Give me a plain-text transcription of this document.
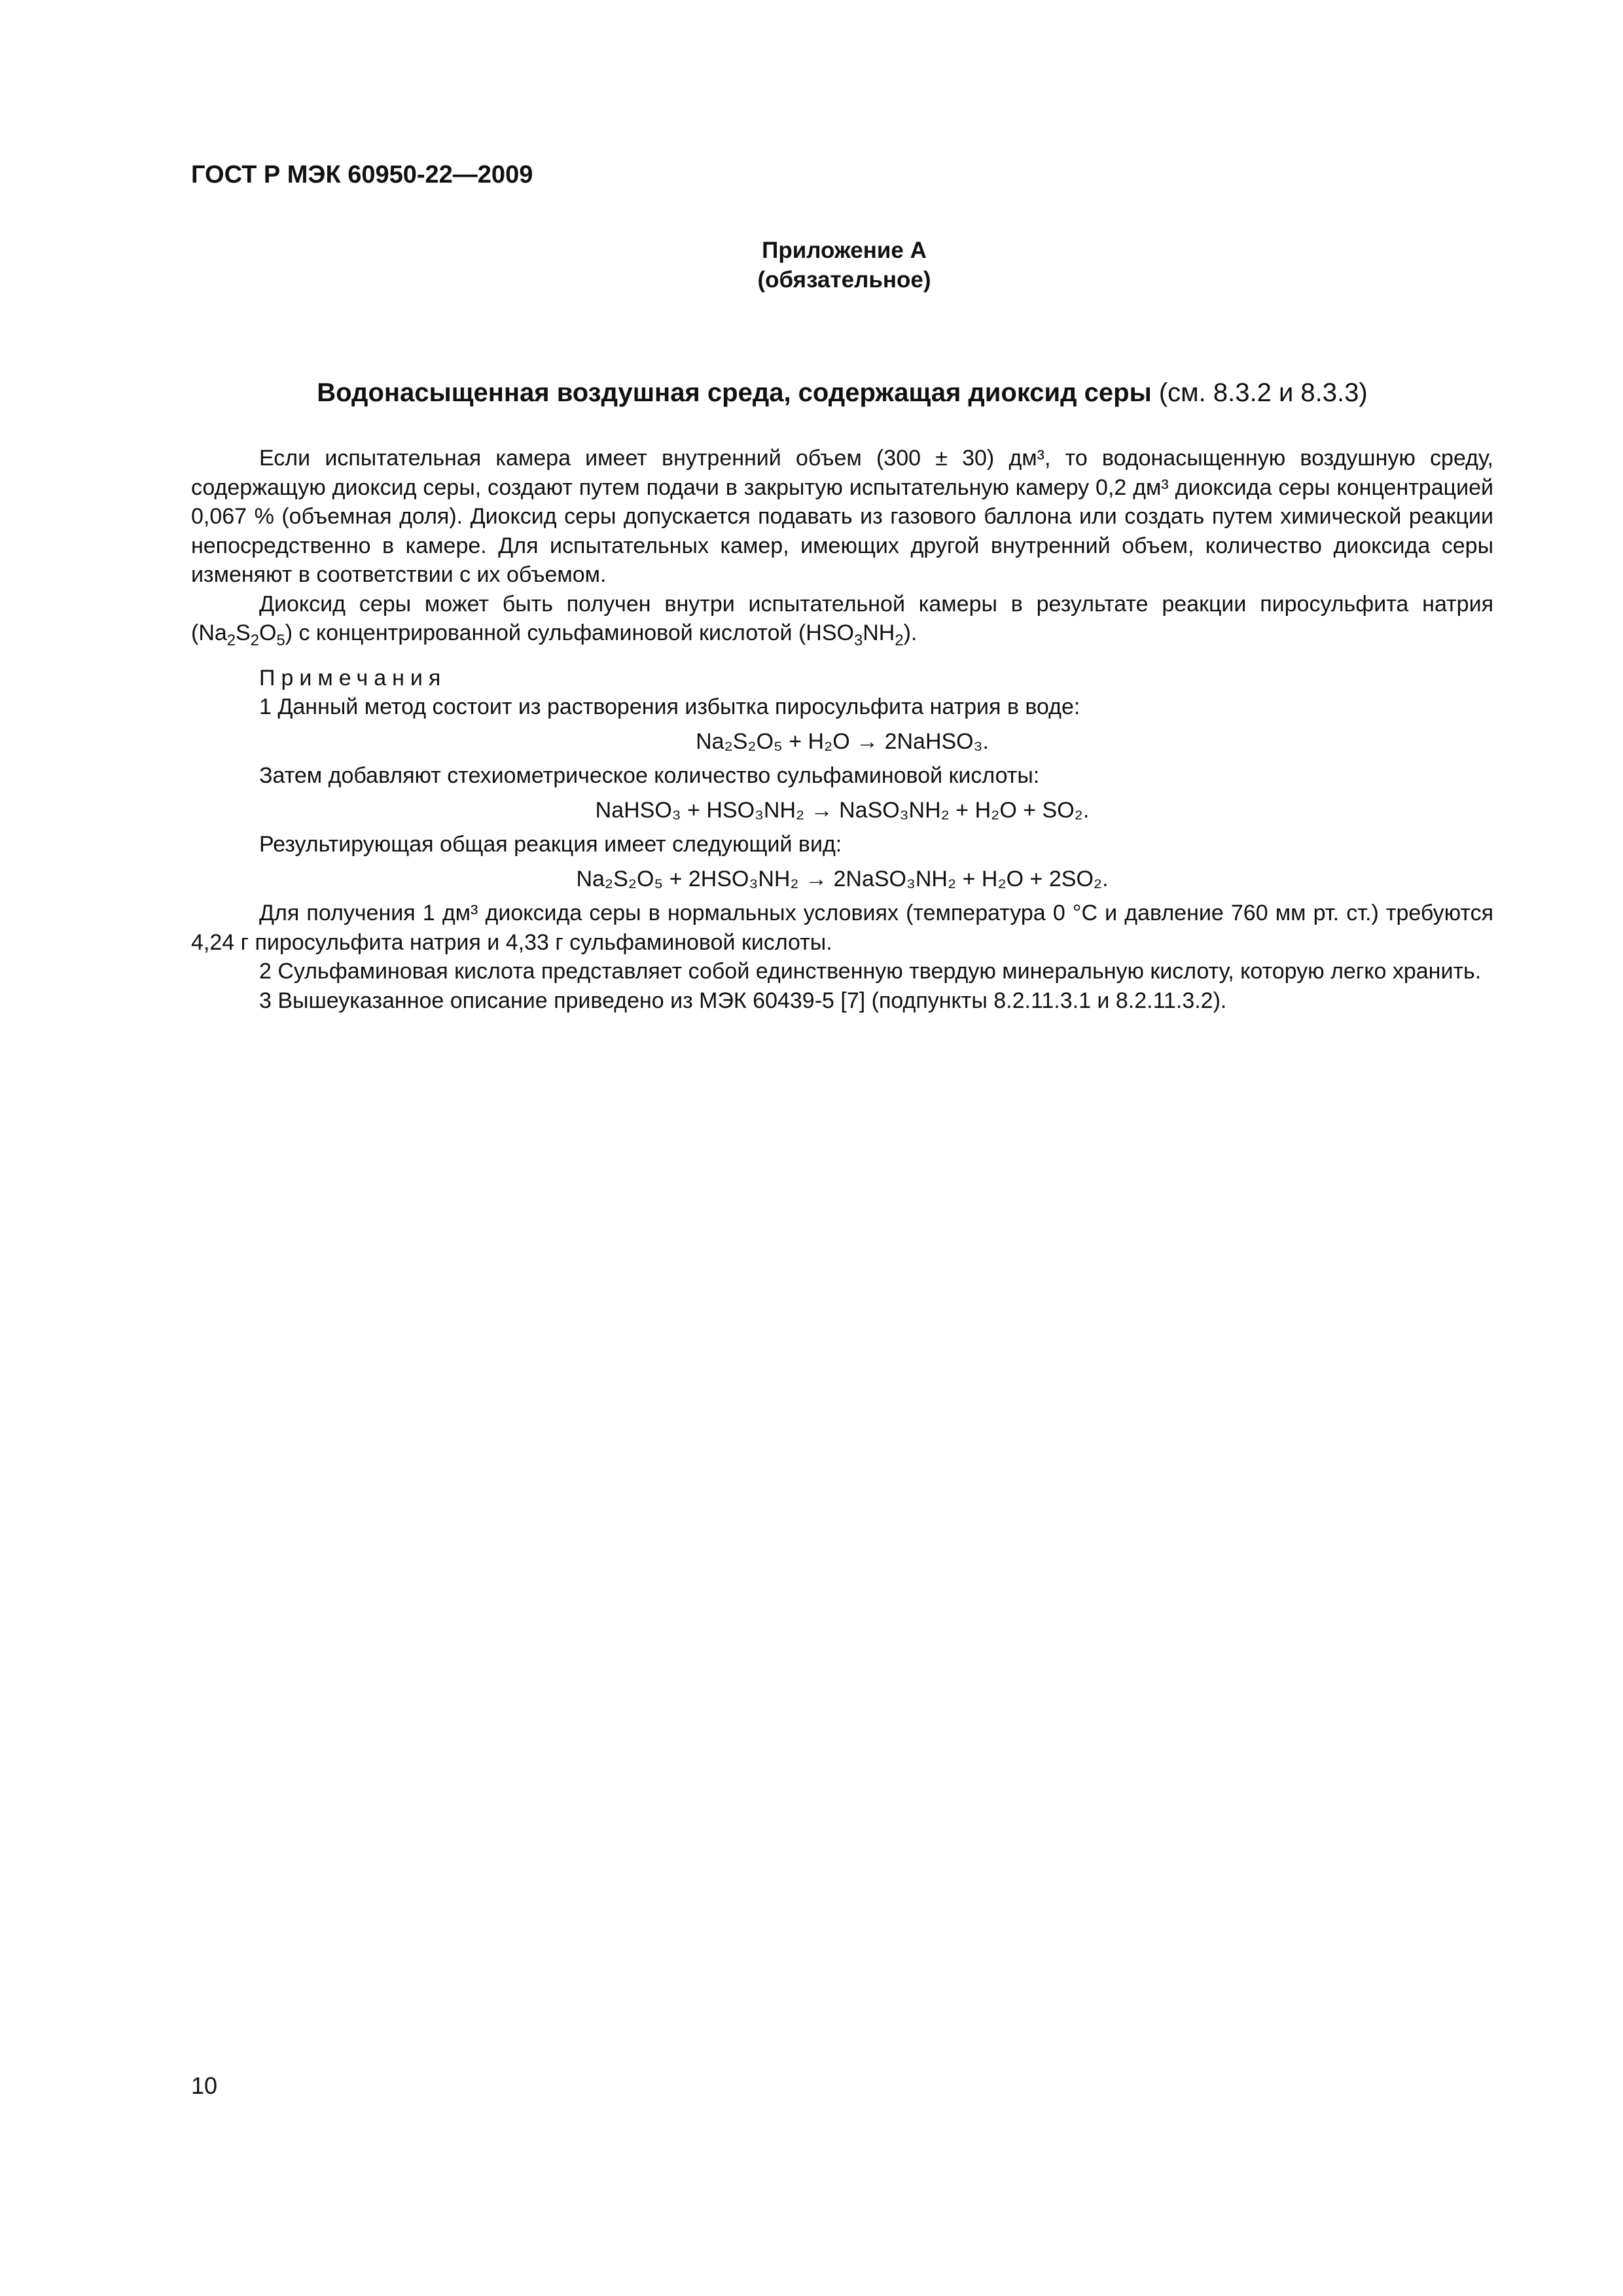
ГОСТ Р МЭК 60950-22—2009
Приложение А
(обязательное)
Водонасыщенная воздушная среда, содержащая диоксид серы (см. 8.3.2 и 8.3.3)

Если испытательная камера имеет внутренний объем (300 ± 30) дм³, то водонасыщенную воздушную среду, содержащую диоксид серы, создают путем подачи в закрытую испытательную камеру 0,2 дм³ диоксида серы концентрацией 0,067 % (объемная доля). Диоксид серы допускается подавать из газового баллона или создать путем химической реакции непосредственно в камере. Для испытательных камер, имеющих другой внутренний объем, количество диоксида серы изменяют в соответствии с их объемом.

Диоксид серы может быть получен внутри испытательной камеры в результате реакции пиросульфита натрия $(Na_2S_2O_5)$ с концентрированной сульфаминовой кислотой $(HSO_3NH_2)$.

Примечания

1 Данный метод состоит из растворения избытка пиросульфита натрия в воде:

Na₂S₂O₅ + H₂O → 2NaHSO₃.

Затем добавляют стехиометрическое количество сульфаминовой кислоты:

NaHSO₃ + HSO₃NH₂ → NaSO₃NH₂ + H₂O + SO₂.

Результирующая общая реакция имеет следующий вид:

Na₂S₂O₅ + 2HSO₃NH₂ → 2NaSO₃NH₂ + H₂O + 2SO₂.

Для получения 1 дм³ диоксида серы в нормальных условиях (температура 0 °С и давление 760 мм рт. ст.) требуются 4,24 г пиросульфита натрия и 4,33 г сульфаминовой кислоты.

2 Сульфаминовая кислота представляет собой единственную твердую минеральную кислоту, которую легко хранить.

3 Вышеуказанное описание приведено из МЭК 60439-5 [7] (подпункты 8.2.11.3.1 и 8.2.11.3.2).

10
